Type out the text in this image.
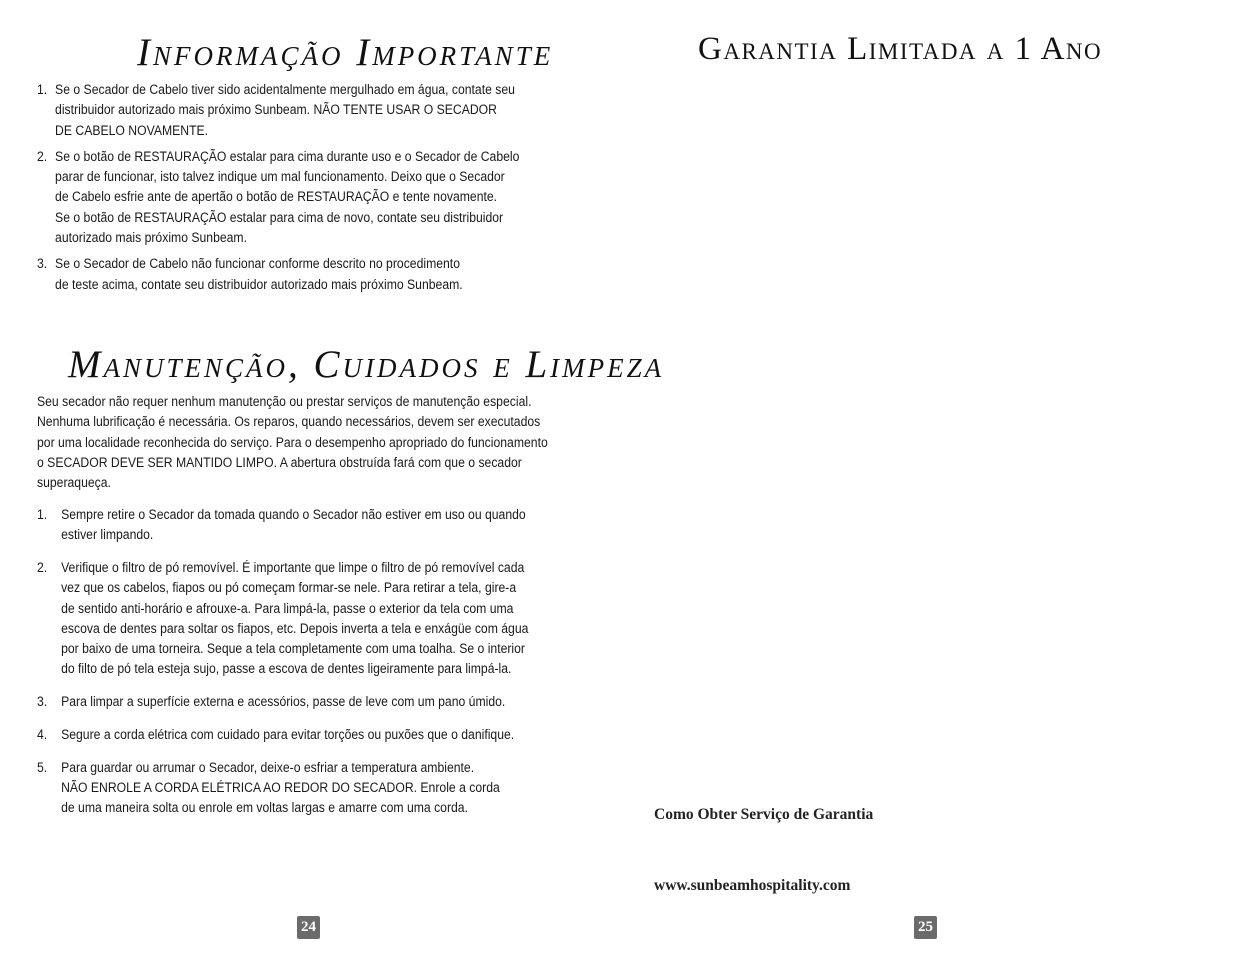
Informação Importante
1. Se o Secador de Cabelo tiver sido acidentalmente mergulhado em água, contate seu
distribuidor autorizado mais próximo Sunbeam. NÃO TENTE USAR O SECADOR
DE CABELO NOVAMENTE.
2. Se o botão de RESTAURAÇÃO estalar para cima durante uso e o Secador de Cabelo
parar de funcionar, isto talvez indique um mal funcionamento. Deixo que o Secador
de Cabelo esfrie ante de apertão o botão de RESTAURAÇÃO e tente novamente.
Se o botão de RESTAURAÇÃO estalar para cima de novo, contate seu distribuidor
autorizado mais próximo Sunbeam.
3. Se o Secador de Cabelo não funcionar conforme descrito no procedimento
de teste acima, contate seu distribuidor autorizado mais próximo Sunbeam.
Manutenção, Cuidados e Limpeza

Seu secador não requer nenhum manutenção ou prestar serviços de manutenção especial.
Nenhuma lubrificação é necessária. Os reparos, quando necessários, devem ser executados
por uma localidade reconhecida do serviço. Para o desempenho apropriado do funcionamento
o SECADOR DEVE SER MANTIDO LIMPO. A abertura obstruída fará com que o secador
superaqueça.

1. Sempre retire o Secador da tomada quando o Secador não estiver em uso ou quando
estiver limpando.
2. Verifique o filtro de pó removível. É importante que limpe o filtro de pó removível cada
vez que os cabelos, fiapos ou pó começam formar-se nele. Para retirar a tela, gire-a
de sentido anti-horário e afrouxe-a. Para limpá-la, passe o exterior da tela com uma
escova de dentes para soltar os fiapos, etc. Depois inverta a tela e enxágüe com água
por baixo de uma torneira. Seque a tela completamente com uma toalha. Se o interior
do filto de pó tela esteja sujo, passe a escova de dentes ligeiramente para limpá-la.
3. Para limpar a superfície externa e acessórios, passe de leve com um pano úmido.
4. Segure a corda elétrica com cuidado para evitar torções ou puxões que o danifique.
5. Para guardar ou arrumar o Secador, deixe-o esfriar a temperatura ambiente.
NÃO ENROLE A CORDA ELÉTRICA AO REDOR DO SECADOR. Enrole a corda
de uma maneira solta ou enrole em voltas largas e amarre com uma corda.
24
Garantia Limitada a 1 Ano

Como Obter Serviço de Garantia

www.sunbeamhospitality.com

25
